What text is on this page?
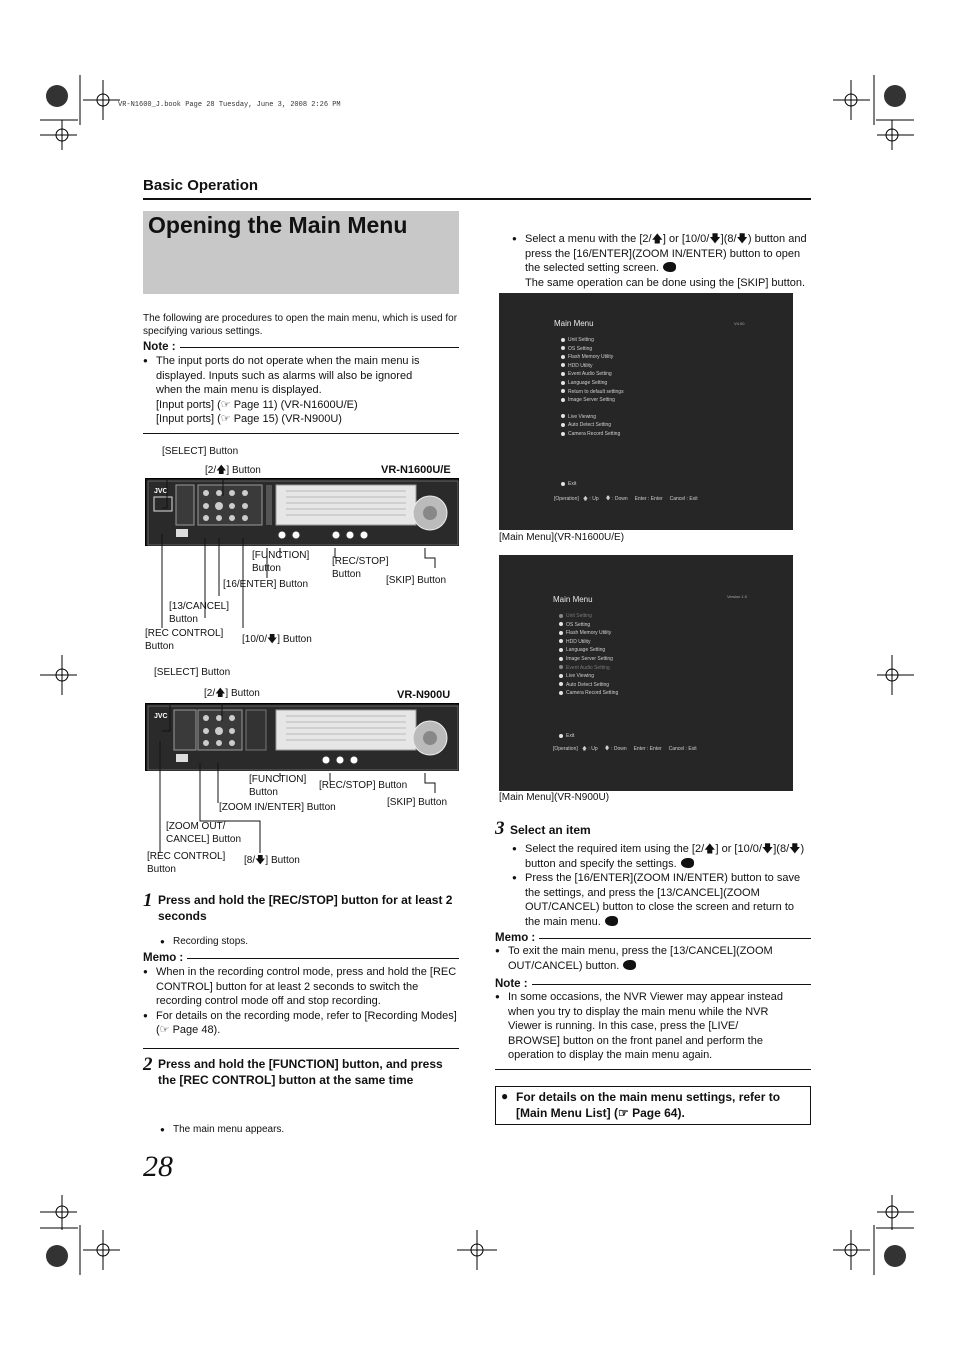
VR-N1600_J.book Page 28 Tuesday, June 3, 2008 2:26 PM
Basic Operation
Opening the Main Menu
The following are procedures to open the main menu, which is used for specifying various settings.
Note :
● The input ports do not operate when the main menu is
displayed. Inputs such as alarms will also be ignored
when the main menu is displayed.
[Input ports] (☞ Page 11) (VR-N1600U/E)
[Input ports] (☞ Page 15) (VR-N900U)
[SELECT] Button
[2/🡅] Button	VR-N1600U/E
JVC
[FUNCTION]
Button
[REC/STOP]
Button
[16/ENTER] Button	[SKIP] Button
[13/CANCEL]
Button
[REC CONTROL]
Button
[10/0/🡇] Button
[SELECT] Button
[2/🡅] Button	VR-N900U
JVC
[FUNCTION]
Button
[REC/STOP] Button
[ZOOM IN/ENTER] Button	[SKIP] Button
[ZOOM OUT/
CANCEL] Button
[REC CONTROL]
Button
[8/🡇] Button
1 Press and hold the [REC/STOP] button for at least 2 seconds
● Recording stops.
Memo :
● When in the recording control mode, press and hold the [REC CONTROL] button for at least 2 seconds to switch the recording control mode off and stop recording.
● For details on the recording mode, refer to [Recording Modes] (☞ Page 48).
2 Press and hold the [FUNCTION] button, and press the [REC CONTROL] button at the same time
● The main menu appears.
● Select a menu with the [2/🡅] or [10/0/🡇](8/🡇) button and press the [16/ENTER](ZOOM IN/ENTER) button to open the selected setting screen.
The same operation can be done using the [SKIP] button.
Main Menu	V4.00
Unit Setting
OS Setting
Flash Memory Utility
HDD Utility
Event Audio Setting
Language Setting
Return to default settings
Image Server Setting
Live Viewing
Auto Detect Setting
Camera Record Setting
Exit
[Operation]   🡅 : Up     🡇 : Down     Enter : Enter     Cancel : Exit
[Main Menu](VR-N1600U/E)
Main Menu	Version 1.0
Unit Setting
OS Setting
Flash Memory Utility
HDD Utility
Language Setting
Image Server Setting
Event Audio Setting
Live Viewing
Auto Detect Setting
Camera Record Setting
Exit
[Operation]   🡅 : Up     🡇 : Down     Enter : Enter     Cancel : Exit
[Main Menu](VR-N900U)
3 Select an item
● Select the required item using the [2/🡅] or [10/0/🡇](8/🡇) button and specify the settings.
● Press the [16/ENTER](ZOOM IN/ENTER) button to save the settings, and press the [13/CANCEL](ZOOM OUT/CANCEL) button to close the screen and return to the main menu.
Memo :
● To exit the main menu, press the [13/CANCEL](ZOOM OUT/CANCEL) button.
Note :
● In some occasions, the NVR Viewer may appear instead when you try to display the main menu while the NVR Viewer is running. In this case, press the [LIVE/ BROWSE] button on the front panel and perform the operation to display the main menu again.
● For details on the main menu settings, refer to [Main Menu List] (☞ Page 64).
28
